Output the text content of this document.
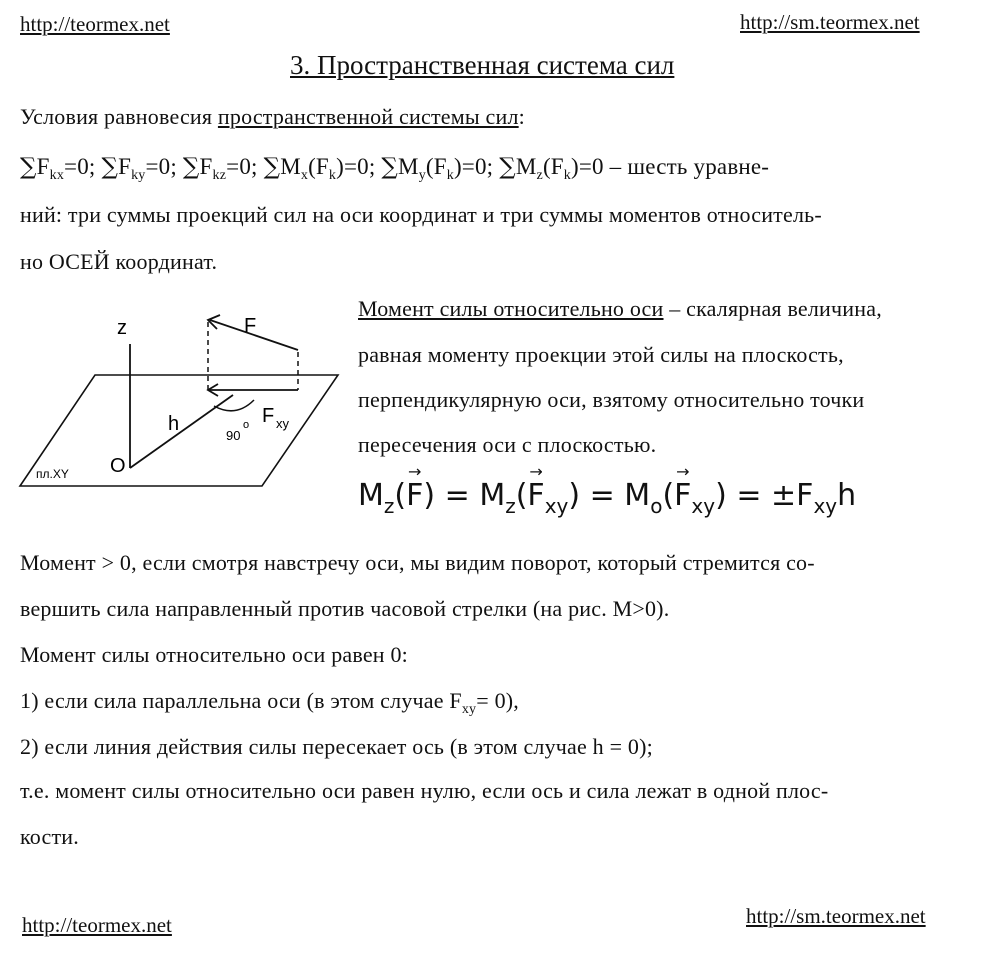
http://teormex.net	http://sm.teormex.net
3. Пространственная система сил
Условия равновесия пространственной системы сил:
$\sum F_{kx}=0$; $\sum F_{ky}=0$; $\sum F_{kz}=0$; $\sum M_x(F_k)=0$; $\sum M_y(F_k)=0$; $\sum M_z(F_k)=0$ – шесть уравне-
ний: три суммы проекций сил на оси координат и три суммы моментов относитель-
но ОСЕЙ координат.
z	F
h
O
90
o F xy
пл.XY
Момент силы относительно оси – скалярная величина,
равная моменту проекции этой силы на плоскость,
перпендикулярную оси, взятому относительно точки
пересечения оси с плоскостью.
$M_z$(
→
$F) = M_z$(
→
$F_{xy}) = M_o$(
→
$F_{xy}) = \pm F_{xy}h$
Момент > 0, если смотря навстречу оси, мы видим поворот, который стремится со-
вершить сила направленный против часовой стрелки (на рис. М>0).
Момент силы относительно оси равен 0:
1) если сила параллельна оси (в этом случае $F_{xy}= 0$),
2) если линия действия силы пересекает ось (в этом случае h = 0);
т.е. момент силы относительно оси равен нулю, если ось и сила лежат в одной плос-
кости.
http://teormex.net	http://sm.teormex.net
